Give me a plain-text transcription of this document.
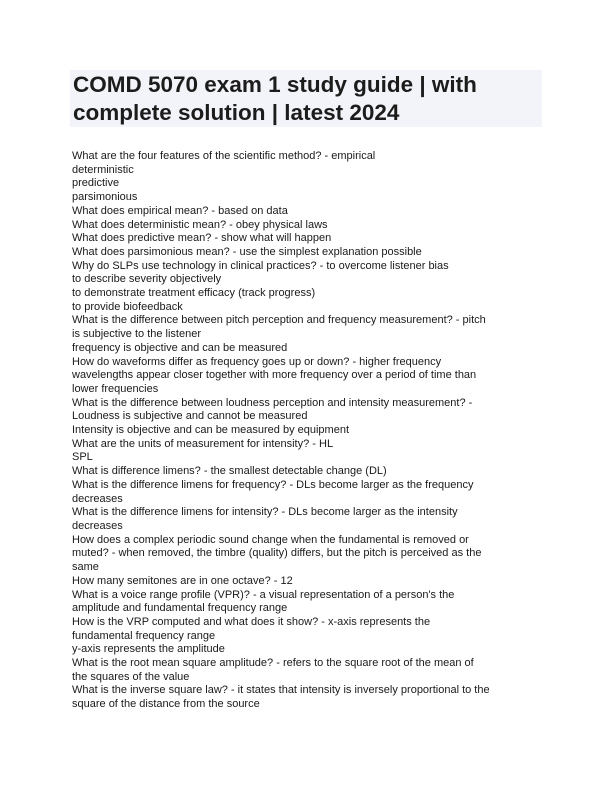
COMD 5070 exam 1 study guide | with
complete solution | latest 2024
What are the four features of the scientific method? - empirical
deterministic
predictive
parsimonious
What does empirical mean? - based on data
What does deterministic mean? - obey physical laws
What does predictive mean? - show what will happen
What does parsimonious mean? - use the simplest explanation possible
Why do SLPs use technology in clinical practices? - to overcome listener bias
to describe severity objectively
to demonstrate treatment efficacy (track progress)
to provide biofeedback
What is the difference between pitch perception and frequency measurement? - pitch
is subjective to the listener
frequency is objective and can be measured
How do waveforms differ as frequency goes up or down? - higher frequency
wavelengths appear closer together with more frequency over a period of time than
lower frequencies
What is the difference between loudness perception and intensity measurement? -
Loudness is subjective and cannot be measured
Intensity is objective and can be measured by equipment
What are the units of measurement for intensity? - HL
SPL
What is difference limens? - the smallest detectable change (DL)
What is the difference limens for frequency? - DLs become larger as the frequency
decreases
What is the difference limens for intensity? - DLs become larger as the intensity
decreases
How does a complex periodic sound change when the fundamental is removed or
muted? - when removed, the timbre (quality) differs, but the pitch is perceived as the
same
How many semitones are in one octave? - 12
What is a voice range profile (VPR)? - a visual representation of a person's the
amplitude and fundamental frequency range
How is the VRP computed and what does it show? - x-axis represents the
fundamental frequency range
y-axis represents the amplitude
What is the root mean square amplitude? - refers to the square root of the mean of
the squares of the value
What is the inverse square law? - it states that intensity is inversely proportional to the
square of the distance from the source
